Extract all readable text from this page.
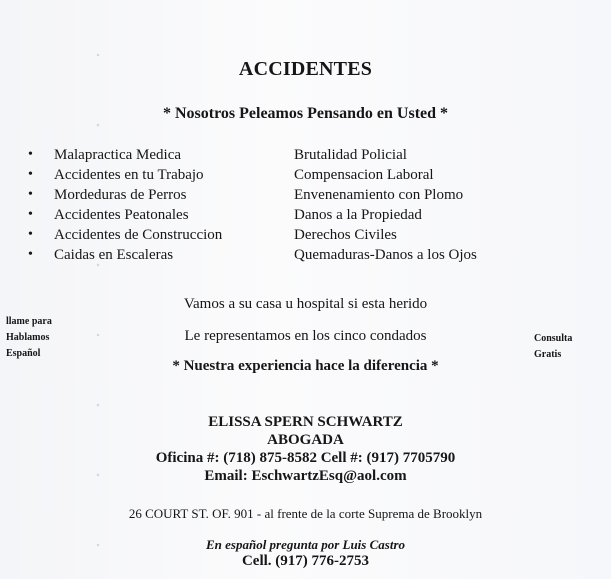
ACCIDENTES
* Nosotros Peleamos Pensando en Usted *
•	Malapractica Medica
•	Accidentes en tu Trabajo
•	Mordeduras de Perros
•	Accidentes Peatonales
•	Accidentes de Construccion
•	Caidas en Escaleras
Brutalidad Policial
Compensacion Laboral
Envenenamiento con Plomo
Danos a la Propiedad
Derechos Civiles
Quemaduras-Danos a los Ojos
llame para
Hablamos
Español
Consulta
Gratis
Vamos a su casa u hospital si esta herido
Le representamos en los cinco condados
* Nuestra experiencia hace la diferencia *
ELISSA SPERN SCHWARTZ
ABOGADA
Oficina #: (718) 875-8582 Cell #: (917) 7705790
Email: EschwartzEsq@aol.com
26 COURT ST. OF. 901 - al frente de la corte Suprema de Brooklyn
En español pregunta por Luis Castro
Cell. (917) 776-2753
